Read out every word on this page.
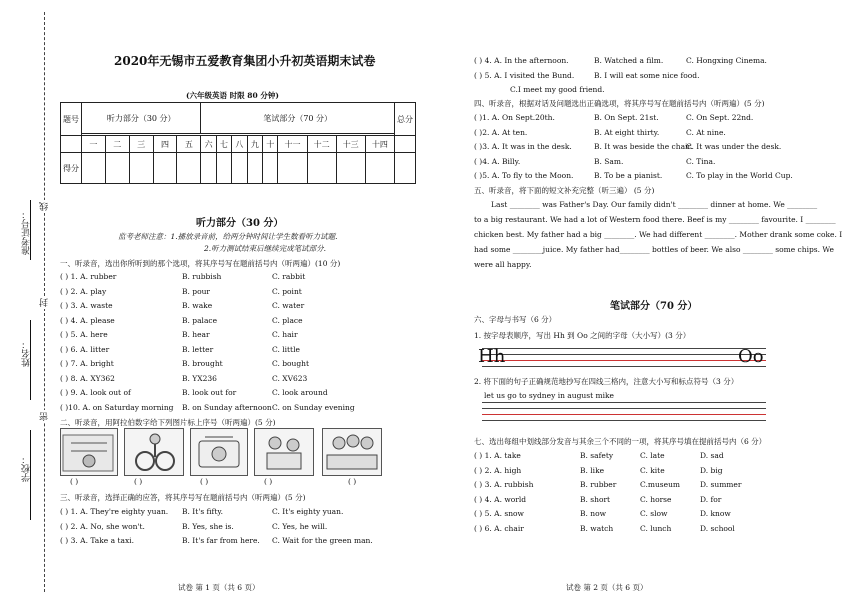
准考证号：
姓名：
学校：
线
封
密
2020年无锡市五爱教育集团小升初英语期末试卷
(六年级英语 时限 80 分钟)
题号	听力部分（30 分）					笔试部分（70 分）									总分

	一	二	三	四	五	六	七	八	九	十	十一	十二	十三	十四	
得分															
听力部分（30 分）
监考老师注意：1.播放录音前，给两分钟时间让学生数看听力试题.
2.听力测试结束后继续完成笔试部分.
一、听录音，选出你所听到的那个选项，将其序号写在题前括号内（听两遍）(10 分)
( ) 1. A. rubber	B. rubbish	C. rabbit
( ) 2. A. play	B. pour	C. point
( ) 3. A. waste	B. wake	C. water
( ) 4. A. please	B. palace	C. place
( ) 5. A. here	B. hear	C. hair
( ) 6. A. litter	B. letter	C. little
( ) 7. A. bright	B. brought	C. bought
( ) 8. A. XY362	B. YX236	C. XV623
( ) 9. A. look out of	B. look out for	C. look around
( )10. A. on Saturday morning B. on Sunday afternoon C. on Sunday evening
二、听录音，用阿拉伯数字给下列图片标上序号（听两遍）(5 分)
( )	( )	( )	( )	( )
三、听录音，选择正确的应答，将其序号写在题前括号内（听两遍）(5 分)
( ) 1. A. They're eighty yuan. B. It's fifty.	C. It's eighty yuan.
( ) 2. A. No, she won't.	B. Yes, she is.	C. Yes, he will.
( ) 3. A. Take a taxi.	B. It's far from here. C. Wait for the green man.
试卷 第 1 页（共 6 页）
( ) 4. A. In the afternoon.	B. Watched a film.	C. Hongxing Cinema.
( ) 5. A. I visited the Bund.	B. I will eat some nice food.
C.I meet my good friend.
四、听录音，根据对话及问题选出正确选项，将其序号写在题前括号内（听两遍）(5 分)
( )1. A. On Sept.20th.	B. On Sept. 21st.	C. On Sept. 22nd.
( )2. A. At ten.	B. At eight thirty.	C. At nine.
( )3. A. It was in the desk.	B. It was beside the chair.
C. It was under the desk.
( )4. A. Billy.	B. Sam.	C. Tina.
( )5. A. To fly to the Moon.	B. To be a pianist.	C. To play in the World Cup.
五、听录音，将下面的短文补充完整（听三遍） (5 分)
Last ________ was Father's Day. Our family didn't ________ dinner at home. We ________
to a big restaurant. We had a lot of Western food there. Beef is my ________ favourite. I ________
chicken best. My father had a big ________. We had different ________. Mother drank some coke. I
had some ________juice. My father had________ bottles of beer. We also ________ some chips. We
were all happy.
笔试部分（70 分）
六、字母与书写（6 分）
1. 按字母表顺序，写出 Hh 到 Oo 之间的字母（大小写）(3 分）
Hh	Oo
2. 将下面的句子正确规范地抄写在四线三格内，注意大小写和标点符号（3 分）
let us go to sydney in august mike
七、选出每组中划线部分发音与其余三个不同的一项，将其序号填在提前括号内（6 分）
( ) 1. A. take	B. safety	C. late	D. sad
( ) 2. A. high	B. like	C. kite	D. big
( ) 3. A. rubbish	B. rubber	C.museum	D. summer
( ) 4. A. world	B. short	C. horse	D. for
( ) 5. A. snow	B. now	C. slow	D. know
( ) 6. A. chair	B. watch	C. lunch	D. school
试卷 第 2 页（共 6 页）
